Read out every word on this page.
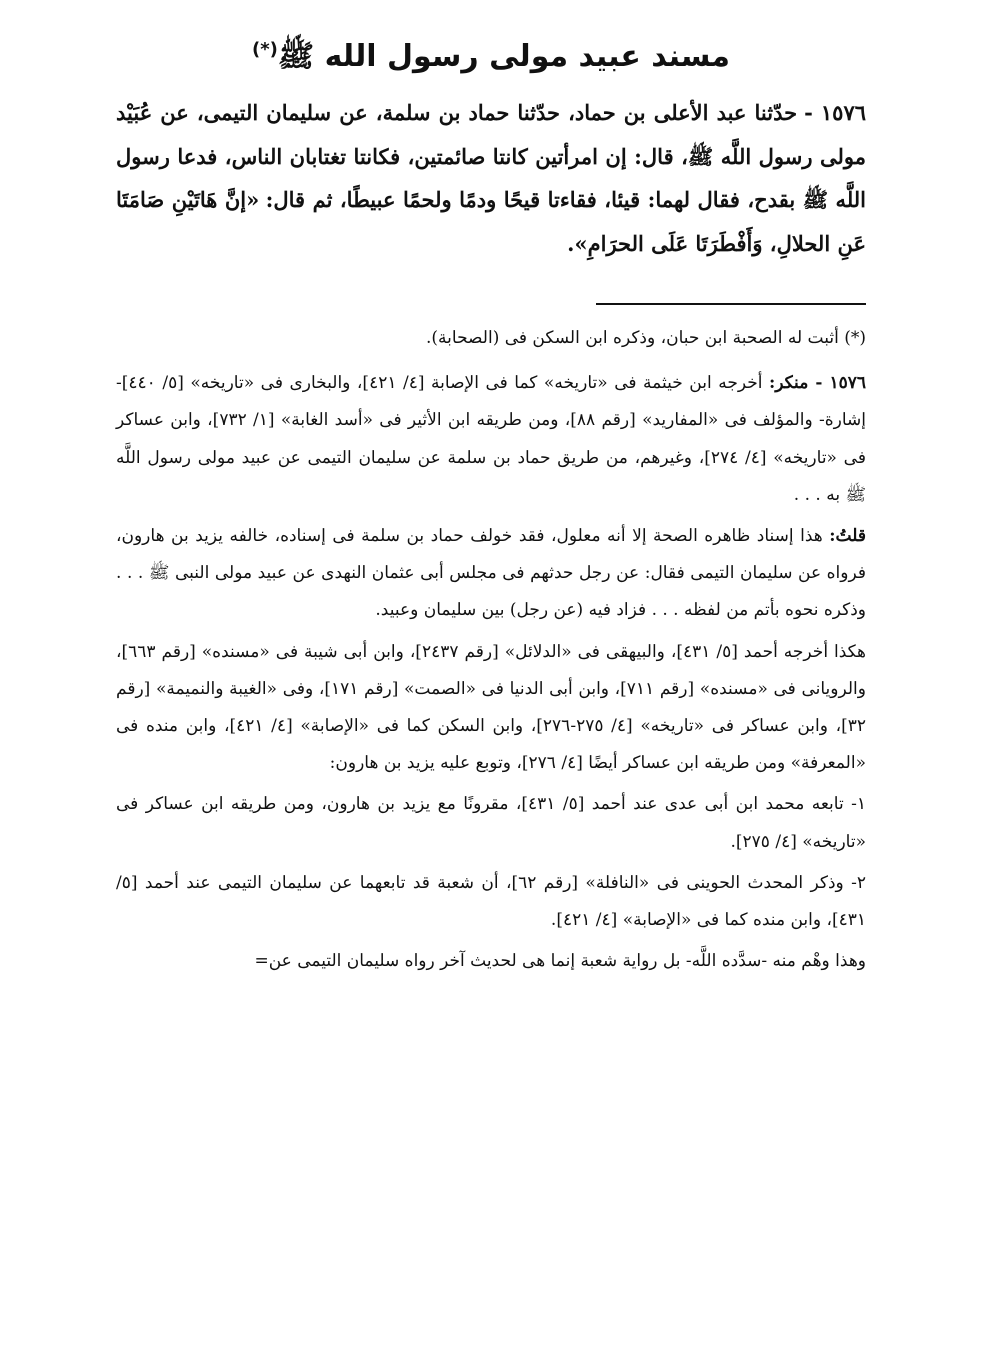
مسند عبيد مولى رسول الله ﷺ(*)
١٥٧٦ - حدّثنا عبد الأعلى بن حماد، حدّثنا حماد بن سلمة، عن سليمان التيمى، عن عُبَيْد مولى رسول اللَّه ﷺ، قال: إن امرأتين كانتا صائمتين، فكانتا تغتابان الناس، فدعا رسول اللَّه ﷺ بقدح، فقال لهما: قيئا، فقاءتا قيحًا ودمًا ولحمًا عبيطًا، ثم قال: «إنَّ هَاتَيْنِ صَامَتَا عَنِ الحلالِ، وَأَفْطَرَتَا عَلَى الحرَامِ».

(*) أثبت له الصحبة ابن حبان، وذكره ابن السكن فى (الصحابة).

١٥٧٦ - منكر: أخرجه ابن خيثمة فى «تاريخه» كما فى الإصابة [٤/ ٤٢١]، والبخارى فى «تاريخه» [٥/ ٤٤٠]-إشارة- والمؤلف فى «المفاريد» [رقم ٨٨]، ومن طريقه ابن الأثير فى «أسد الغابة» [١/ ٧٣٢]، وابن عساكر فى «تاريخه» [٤/ ٢٧٤]، وغيرهم، من طريق حماد بن سلمة عن سليمان التيمى عن عبيد مولى رسول اللَّه ﷺ به . . .

قلتُ: هذا إسناد ظاهره الصحة إلا أنه معلول، فقد خولف حماد بن سلمة فى إسناده، خالفه يزيد بن هارون، فرواه عن سليمان التيمى فقال: عن رجل حدثهم فى مجلس أبى عثمان النهدى عن عبيد مولى النبى ﷺ . . . وذكره نحوه بأتم من لفظه . . . فزاد فيه (عن رجل) بين سليمان وعبيد.

هكذا أخرجه أحمد [٥/ ٤٣١]، والبيهقى فى «الدلائل» [رقم ٢٤٣٧]، وابن أبى شيبة فى «مسنده» [رقم ٦٦٣]، والرويانى فى «مسنده» [رقم ٧١١]، وابن أبى الدنيا فى «الصمت» [رقم ١٧١]، وفى «الغيبة والنميمة» [رقم ٣٢]، وابن عساكر فى «تاريخه» [٤/ ٢٧٥-٢٧٦]، وابن السكن كما فى «الإصابة» [٤/ ٤٢١]، وابن منده فى «المعرفة» ومن طريقه ابن عساكر أيضًا [٤/ ٢٧٦]، وتوبع عليه يزيد بن هارون:

١- تابعه محمد ابن أبى عدى عند أحمد [٥/ ٤٣١]، مقرونًا مع يزيد بن هارون، ومن طريقه ابن عساكر فى «تاريخه» [٤/ ٢٧٥].

٢- وذكر المحدث الحوينى فى «النافلة» [رقم ٦٢]، أن شعبة قد تابعهما عن سليمان التيمى عند أحمد [٥/ ٤٣١]، وابن منده كما فى «الإصابة» [٤/ ٤٢١].

وهذا وهْم منه -سدَّده اللَّه- بل رواية شعبة إنما هى لحديث آخر رواه سليمان التيمى عن=
